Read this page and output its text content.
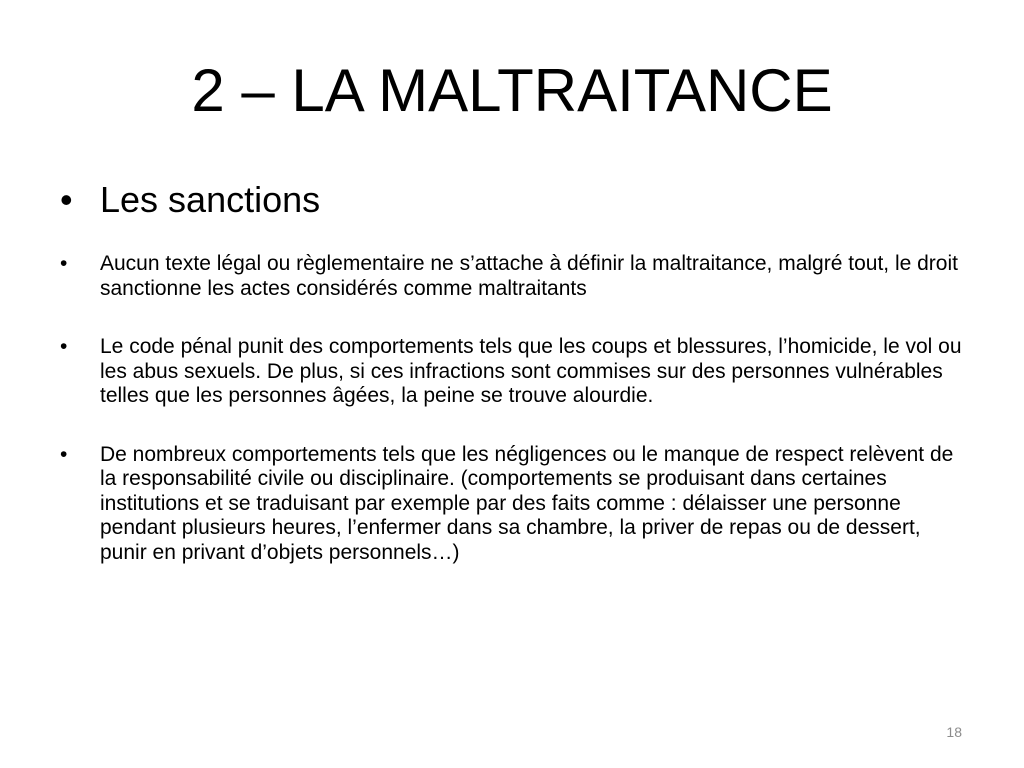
2 – LA MALTRAITANCE
• Les sanctions
• Aucun texte légal ou règlementaire ne s’attache à définir la maltraitance, malgré tout, le droit sanctionne les actes considérés comme maltraitants
• Le code pénal punit des comportements tels que les coups et blessures, l’homicide, le vol ou les abus sexuels. De plus, si ces infractions sont commises sur des personnes vulnérables telles que les personnes âgées, la peine se trouve alourdie.
• De nombreux comportements tels que les négligences ou le manque de respect relèvent de la responsabilité civile ou disciplinaire. (comportements se produisant dans certaines institutions et se traduisant par exemple par des faits comme : délaisser une personne pendant plusieurs heures, l’enfermer dans sa chambre, la priver de repas ou de dessert, punir en privant d’objets personnels…)
18
